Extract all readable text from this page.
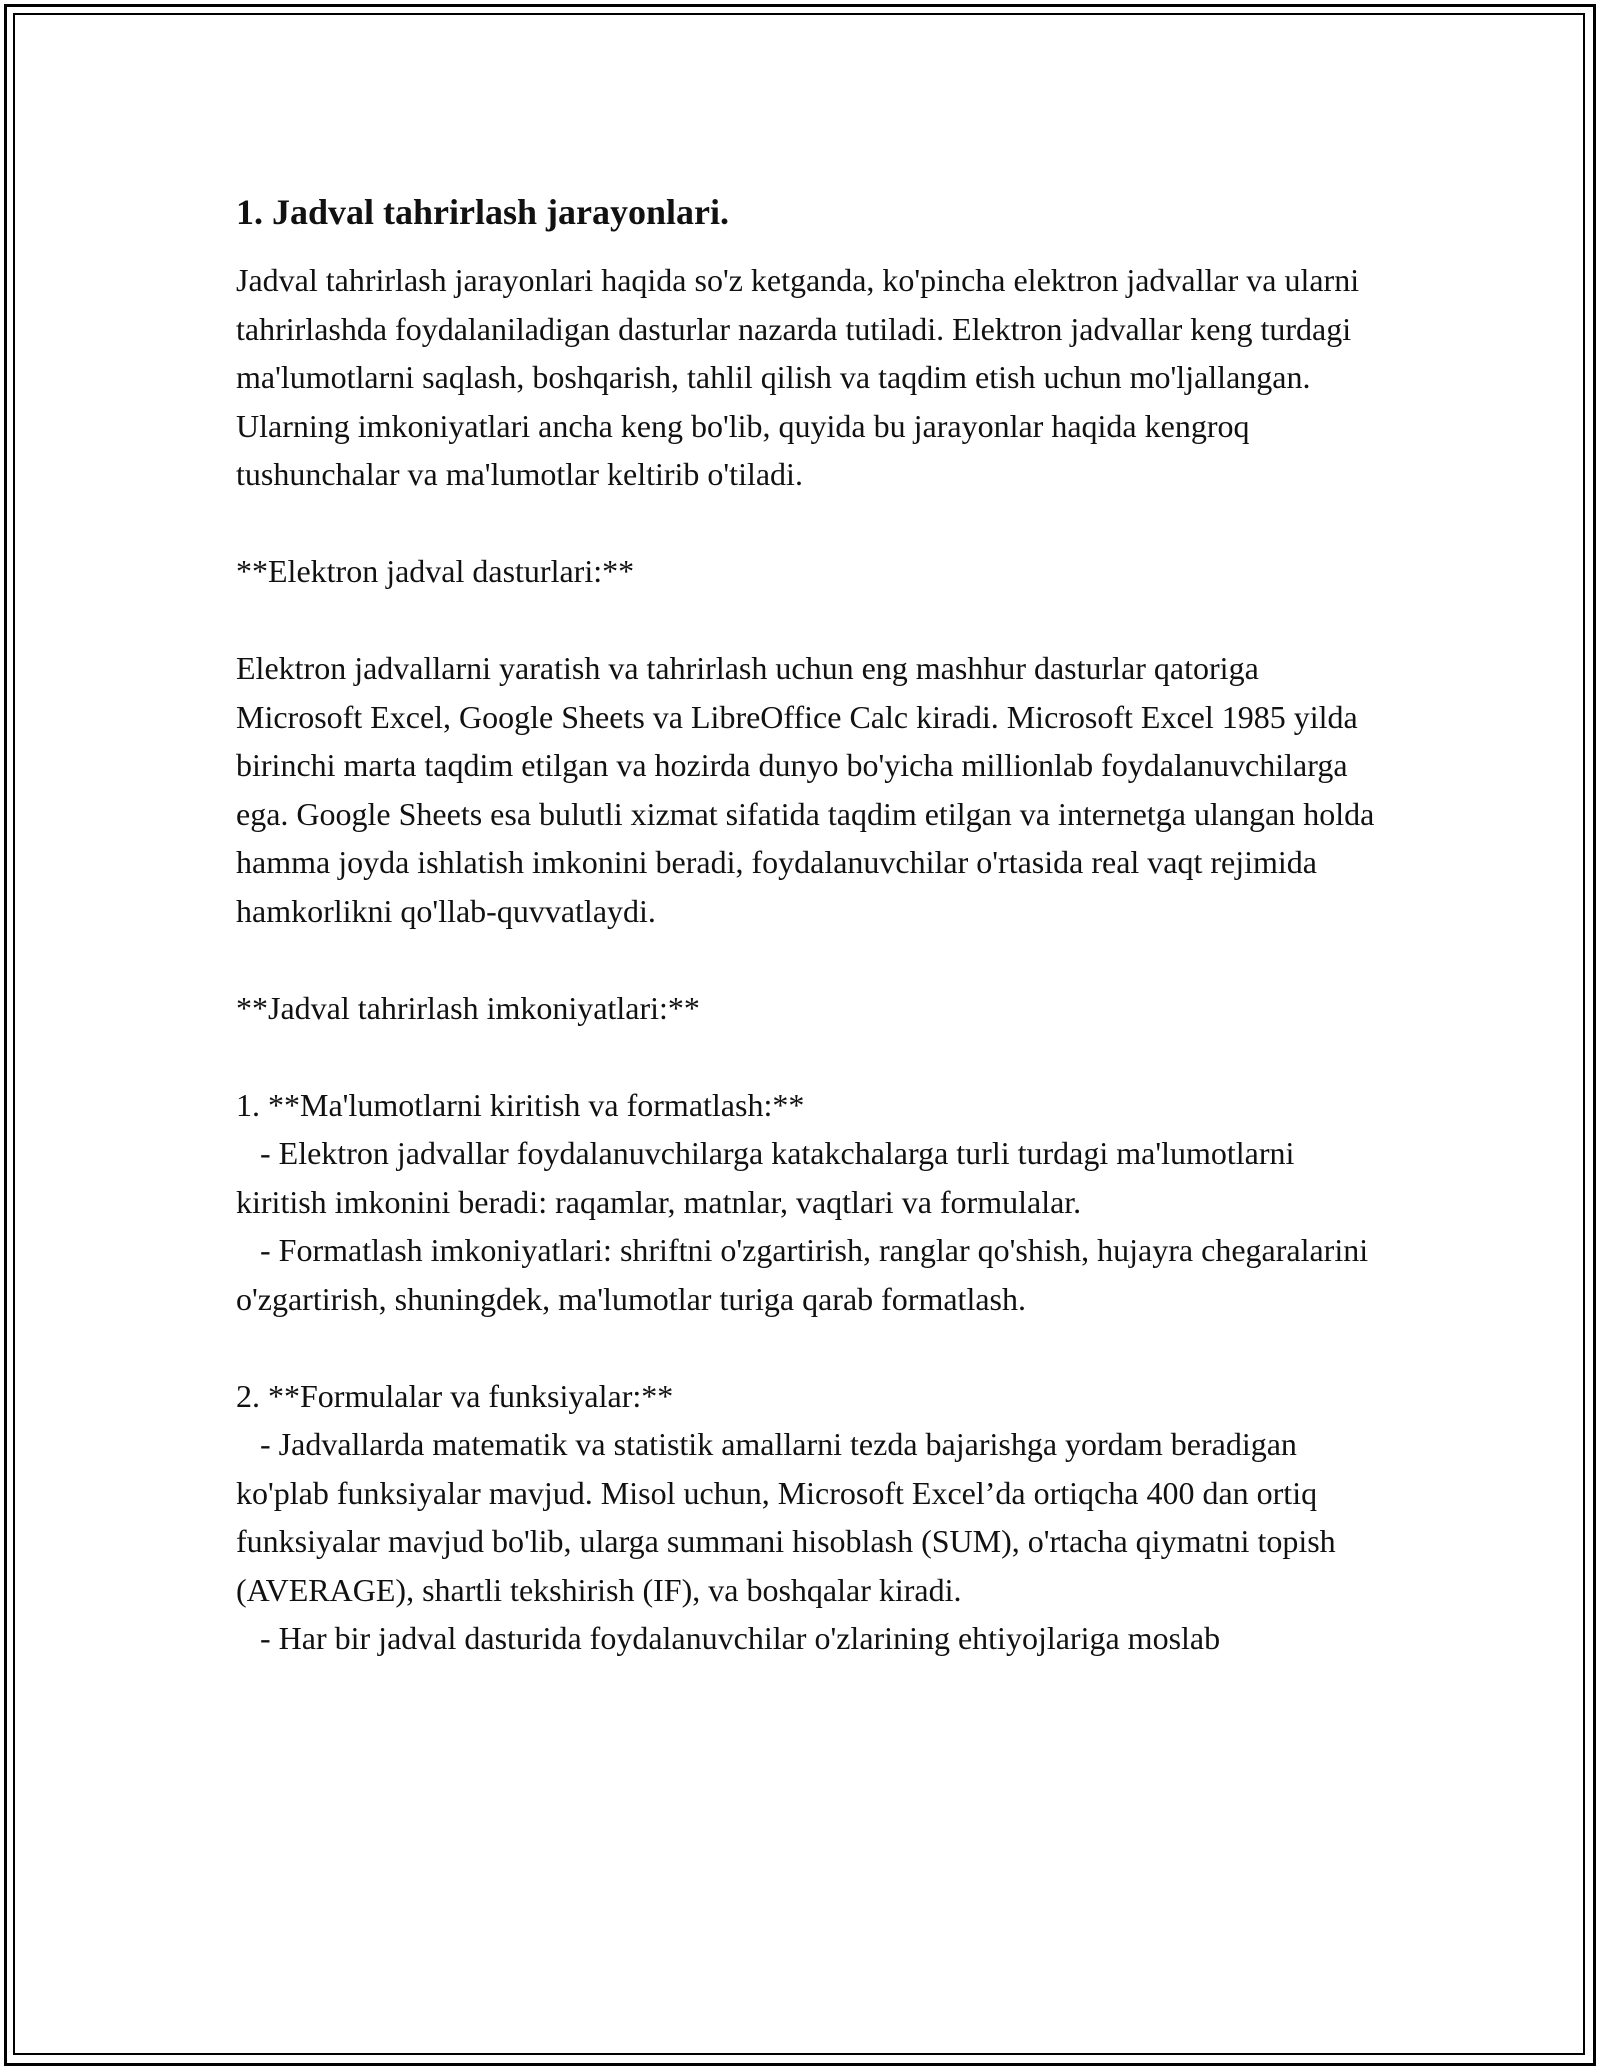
1. Jadval tahrirlash jarayonlari.

Jadval tahrirlash jarayonlari haqida so'z ketganda, ko'pincha elektron jadvallar va ularni tahrirlashda foydalaniladigan dasturlar nazarda tutiladi. Elektron jadvallar keng turdagi ma'lumotlarni saqlash, boshqarish, tahlil qilish va taqdim etish uchun mo'ljallangan. Ularning imkoniyatlari ancha keng bo'lib, quyida bu jarayonlar haqida kengroq tushunchalar va ma'lumotlar keltirib o'tiladi.

**Elektron jadval dasturlari:**

Elektron jadvallarni yaratish va tahrirlash uchun eng mashhur dasturlar qatoriga Microsoft Excel, Google Sheets va LibreOffice Calc kiradi. Microsoft Excel 1985 yilda birinchi marta taqdim etilgan va hozirda dunyo bo'yicha millionlab foydalanuvchilarga ega. Google Sheets esa bulutli xizmat sifatida taqdim etilgan va internetga ulangan holda hamma joyda ishlatish imkonini beradi, foydalanuvchilar o'rtasida real vaqt rejimida hamkorlikni qo'llab-quvvatlaydi.

**Jadval tahrirlash imkoniyatlari:**

1. **Ma'lumotlarni kiritish va formatlash:**
- Elektron jadvallar foydalanuvchilarga katakchalarga turli turdagi ma'lumotlarni kiritish imkonini beradi: raqamlar, matnlar, vaqtlari va formulalar.
- Formatlash imkoniyatlari: shriftni o'zgartirish, ranglar qo'shish, hujayra chegaralarini o'zgartirish, shuningdek, ma'lumotlar turiga qarab formatlash.

2. **Formulalar va funksiyalar:**
- Jadvallarda matematik va statistik amallarni tezda bajarishga yordam beradigan ko'plab funksiyalar mavjud. Misol uchun, Microsoft Excel’da ortiqcha 400 dan ortiq funksiyalar mavjud bo'lib, ularga summani hisoblash (SUM), o'rtacha qiymatni topish (AVERAGE), shartli tekshirish (IF), va boshqalar kiradi.
- Har bir jadval dasturida foydalanuvchilar o'zlarining ehtiyojlariga moslab
